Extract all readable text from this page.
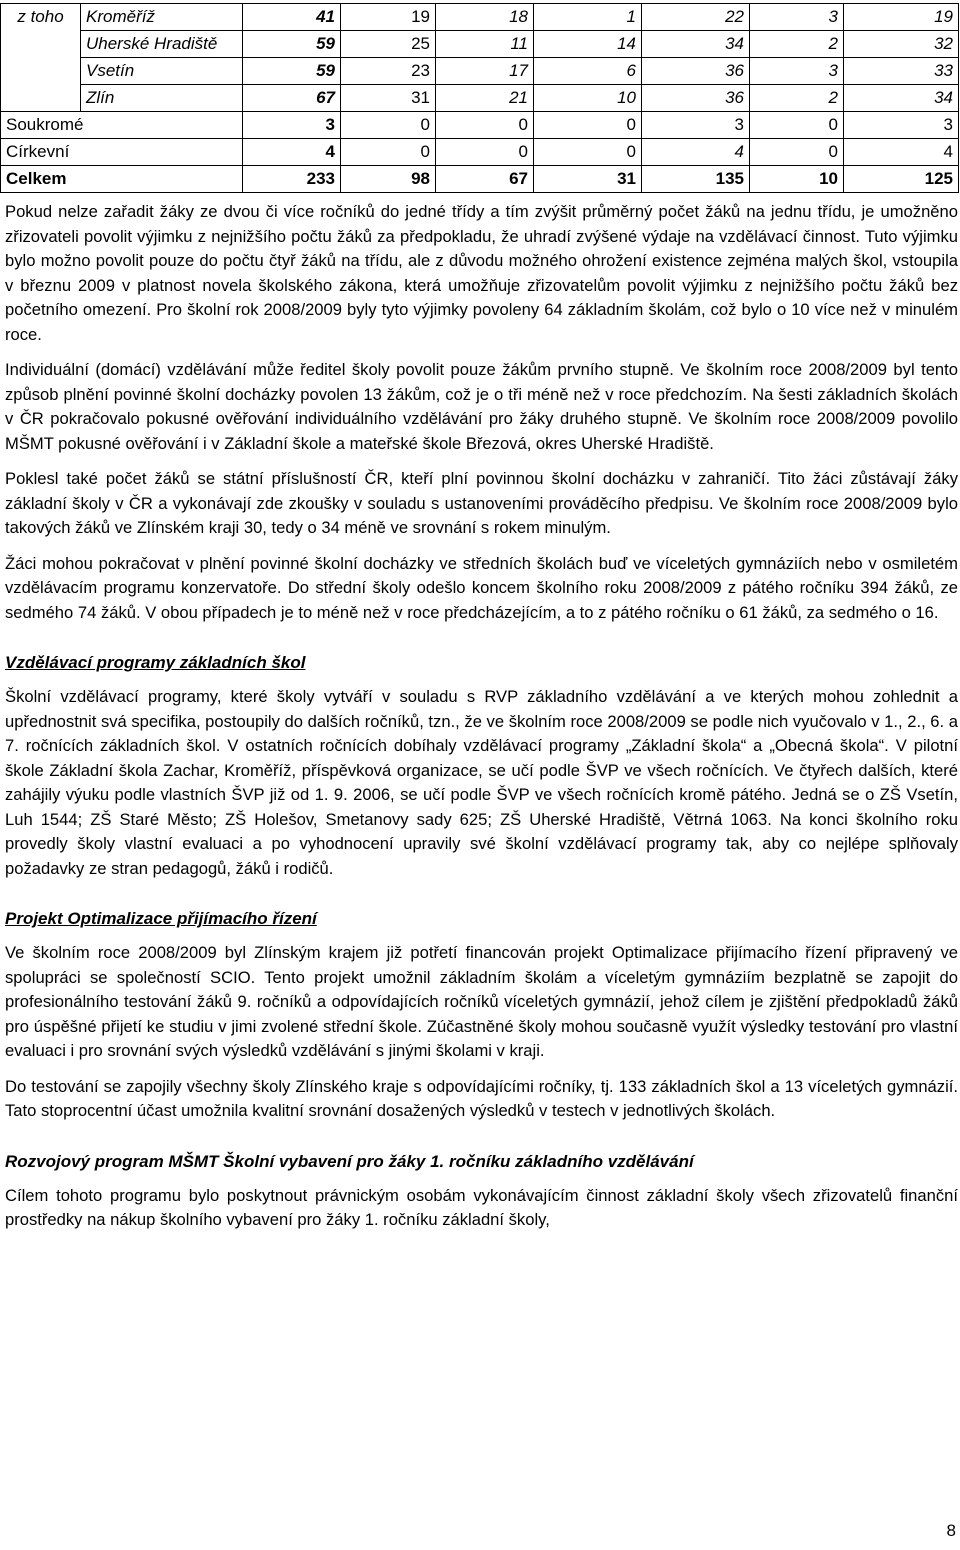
z toho	Kroměříž	41	19	18	1	22	3	19
	Uherské Hradiště	59	25	11	14	34	2	32
	Vsetín	59	23	17	6	36	3	33
	Zlín	67	31	21	10	36	2	34
Soukromé		3	0	0	0	3	0	3
Církevní		4	0	0	0	4	0	4
Celkem		233	98	67	31	135	10	125

Pokud nelze zařadit žáky ze dvou či více ročníků do jedné třídy a tím zvýšit průměrný počet žáků na jednu třídu, je umožněno zřizovateli povolit výjimku z nejnižšího počtu žáků za předpokladu, že uhradí zvýšené výdaje na vzdělávací činnost. Tuto výjimku bylo možno povolit pouze do počtu čtyř žáků na třídu, ale z důvodu možného ohrožení existence zejména malých škol, vstoupila v březnu 2009 v platnost novela školského zákona, která umožňuje zřizovatelům povolit výjimku z nejnižšího počtu žáků bez početního omezení. Pro školní rok 2008/2009 byly tyto výjimky povoleny 64 základním školám, což bylo o 10 více než v minulém roce.

Individuální (domácí) vzdělávání může ředitel školy povolit pouze žákům prvního stupně. Ve školním roce 2008/2009 byl tento způsob plnění povinné školní docházky povolen 13 žákům, což je o tři méně než v roce předchozím. Na šesti základních školách v ČR pokračovalo pokusné ověřování individuálního vzdělávání pro žáky druhého stupně. Ve školním roce 2008/2009 povolilo MŠMT pokusné ověřování i v Základní škole a mateřské škole Březová, okres Uherské Hradiště.

Poklesl také počet žáků se státní příslušností ČR, kteří plní povinnou školní docházku v zahraničí. Tito žáci zůstávají žáky základní školy v ČR a vykonávají zde zkoušky v souladu s ustanoveními prováděcího předpisu. Ve školním roce 2008/2009 bylo takových žáků ve Zlínském kraji 30, tedy o 34 méně ve srovnání s rokem minulým.

Žáci mohou pokračovat v plnění povinné školní docházky ve středních školách buď ve víceletých gymnáziích nebo v osmiletém vzdělávacím programu konzervatoře. Do střední školy odešlo koncem školního roku 2008/2009 z pátého ročníku 394 žáků, ze sedmého 74 žáků. V obou případech je to méně než v roce předcházejícím, a to z pátého ročníku o 61 žáků, za sedmého o 16.

Vzdělávací programy základních škol

Školní vzdělávací programy, které školy vytváří v souladu s RVP základního vzdělávání a ve kterých mohou zohlednit a upřednostnit svá specifika, postoupily do dalších ročníků, tzn., že ve školním roce 2008/2009 se podle nich vyučovalo v 1., 2., 6. a 7. ročnících základních škol. V ostatních ročnících dobíhaly vzdělávací programy „Základní škola“ a „Obecná škola“. V pilotní škole Základní škola Zachar, Kroměříž, příspěvková organizace, se učí podle ŠVP ve všech ročnících. Ve čtyřech dalších, které zahájily výuku podle vlastních ŠVP již od 1. 9. 2006, se učí podle ŠVP ve všech ročnících kromě pátého. Jedná se o ZŠ Vsetín, Luh 1544; ZŠ Staré Město; ZŠ Holešov, Smetanovy sady 625; ZŠ Uherské Hradiště, Větrná 1063. Na konci školního roku provedly školy vlastní evaluaci a po vyhodnocení upravily své školní vzdělávací programy tak, aby co nejlépe splňovaly požadavky ze stran pedagogů, žáků i rodičů.

Projekt Optimalizace přijímacího řízení

Ve školním roce 2008/2009 byl Zlínským krajem již potřetí financován projekt Optimalizace přijímacího řízení připravený ve spolupráci se společností SCIO. Tento projekt umožnil základním školám a víceletým gymnáziím bezplatně se zapojit do profesionálního testování žáků 9. ročníků a odpovídajících ročníků víceletých gymnázií, jehož cílem je zjištění předpokladů žáků pro úspěšné přijetí ke studiu v jimi zvolené střední škole. Zúčastněné školy mohou současně využít výsledky testování pro vlastní evaluaci i pro srovnání svých výsledků vzdělávání s jinými školami v kraji.

Do testování se zapojily všechny školy Zlínského kraje s odpovídajícími ročníky, tj. 133 základních škol a 13 víceletých gymnázií. Tato stoprocentní účast umožnila kvalitní srovnání dosažených výsledků v testech v jednotlivých školách.

Rozvojový program MŠMT Školní vybavení pro žáky 1. ročníku základního vzdělávání

Cílem tohoto programu bylo poskytnout právnickým osobám vykonávajícím činnost základní školy všech zřizovatelů finanční prostředky na nákup školního vybavení pro žáky 1. ročníku základní školy,

8
